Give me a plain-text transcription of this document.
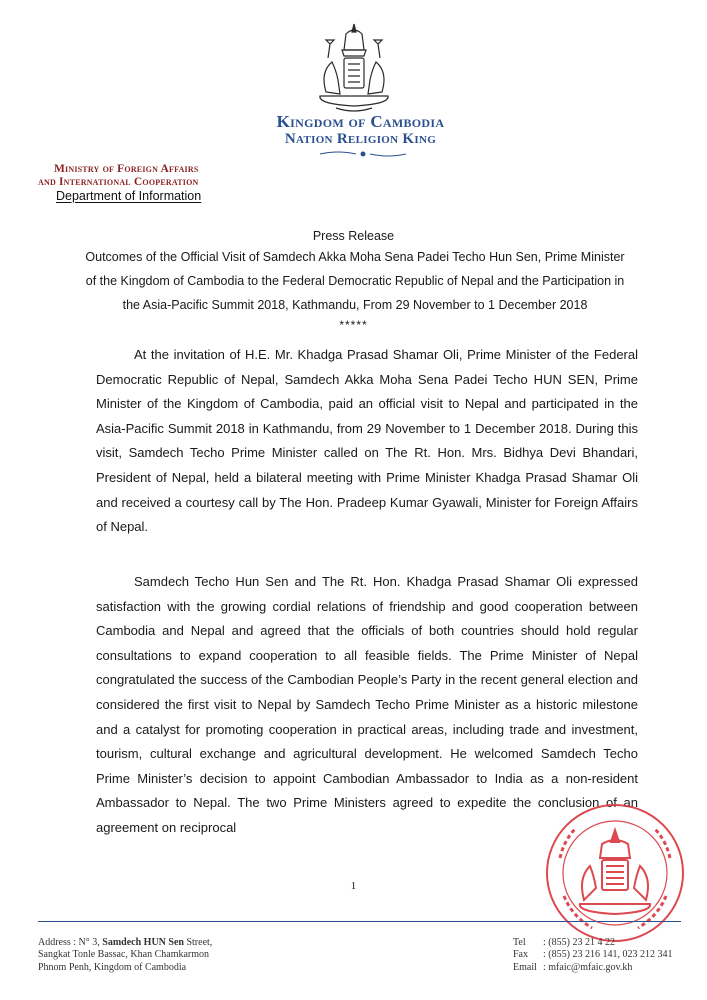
Kingdom of Cambodia
Nation Religion King
Ministry of Foreign Affairs
and International Cooperation
Department of Information
Press Release
Outcomes of the Official Visit of Samdech Akka Moha Sena Padei Techo Hun Sen, Prime Minister
of the Kingdom of Cambodia to the Federal Democratic Republic of Nepal and the Participation in
the Asia-Pacific Summit 2018, Kathmandu, From 29 November to 1 December 2018
*****

At the invitation of H.E. Mr. Khadga Prasad Shamar Oli, Prime Minister of the Federal Democratic Republic of Nepal, Samdech Akka Moha Sena Padei Techo HUN SEN, Prime Minister of the Kingdom of Cambodia, paid an official visit to Nepal and participated in the Asia-Pacific Summit 2018 in Kathmandu, from 29 November to 1 December 2018. During this visit, Samdech Techo Prime Minister called on The Rt. Hon. Mrs. Bidhya Devi Bhandari, President of Nepal, held a bilateral meeting with Prime Minister Khadga Prasad Shamar Oli and received a courtesy call by The Hon. Pradeep Kumar Gyawali, Minister for Foreign Affairs of Nepal.

Samdech Techo Hun Sen and The Rt. Hon. Khadga Prasad Shamar Oli expressed satisfaction with the growing cordial relations of friendship and good cooperation between Cambodia and Nepal and agreed that the officials of both countries should hold regular consultations to expand cooperation to all feasible fields. The Prime Minister of Nepal congratulated the success of the Cambodian People’s Party in the recent general election and considered the first visit to Nepal by Samdech Techo Prime Minister as a historic milestone and a catalyst for promoting cooperation in practical areas, including trade and investment, tourism, cultural exchange and agricultural development. He welcomed Samdech Techo Prime Minister’s decision to appoint Cambodian Ambassador to India as a non-resident Ambassador to Nepal. The two Prime Ministers agreed to expedite the conclusion of an agreement on reciprocal

1
Address : N° 3, Samdech HUN Sen Street,
Sangkat Tonle Bassac, Khan Chamkarmon
Phnom Penh, Kingdom of Cambodia
Tel : (855) 23 21 4 22
Fax : (855) 23 216 141, 023 212 341
Email : mfaic@mfaic.gov.kh
